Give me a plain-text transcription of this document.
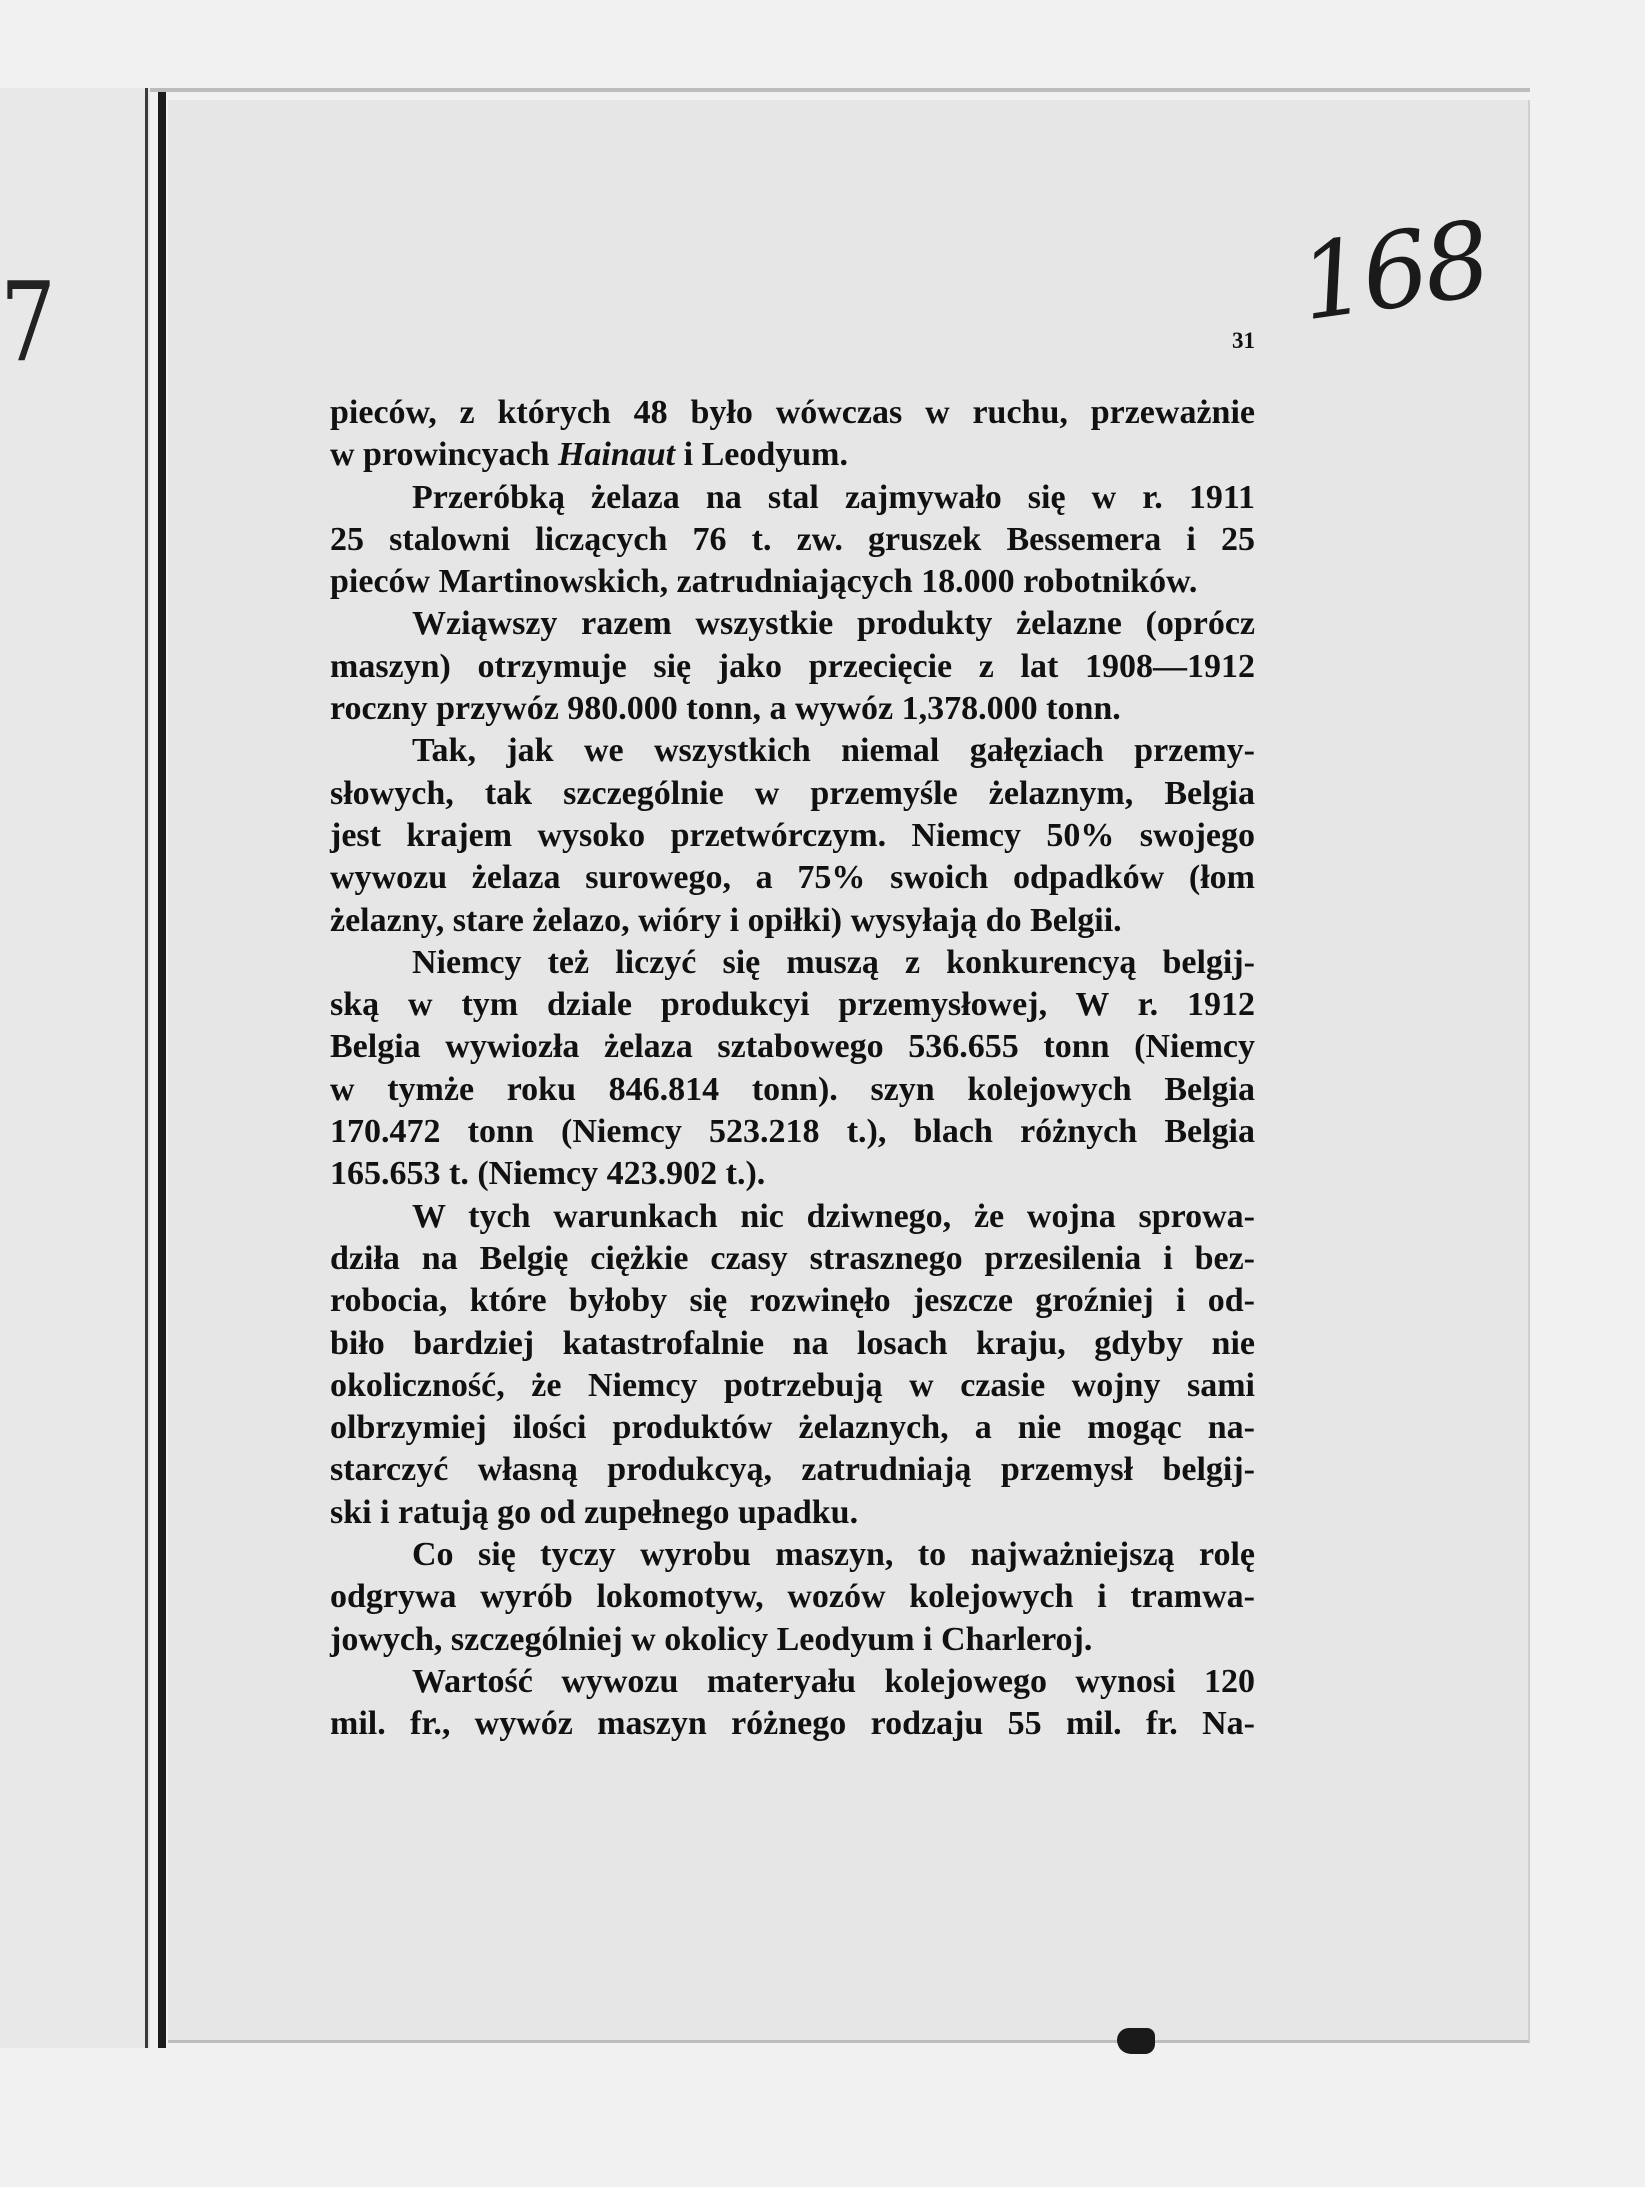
7	168
31
pieców, z których 48 było wówczas w ruchu, przeważnie
w prowincyach Hainaut i Leodyum.
Przeróbką żelaza na stal zajmywało się w r. 1911
25 stalowni liczących 76 t. zw. gruszek Bessemera i 25
pieców Martinowskich, zatrudniających 18.000 robotników.
Wziąwszy razem wszystkie produkty żelazne (oprócz
maszyn) otrzymuje się jako przecięcie z lat 1908—1912
roczny przywóz 980.000 tonn, a wywóz 1,378.000 tonn.
Tak, jak we wszystkich niemal gałęziach przemy-
słowych, tak szczególnie w przemyśle żelaznym, Belgia
jest krajem wysoko przetwórczym. Niemcy 50% swojego
wywozu żelaza surowego, a 75% swoich odpadków (łom
żelazny, stare żelazo, wióry i opiłki) wysyłają do Belgii.
Niemcy też liczyć się muszą z konkurencyą belgij-
ską w tym dziale produkcyi przemysłowej, W r. 1912
Belgia wywiozła żelaza sztabowego 536.655 tonn (Niemcy
w tymże roku 846.814 tonn). szyn kolejowych Belgia
170.472 tonn (Niemcy 523.218 t.), blach różnych Belgia
165.653 t. (Niemcy 423.902 t.).
W tych warunkach nic dziwnego, że wojna sprowa-
dziła na Belgię ciężkie czasy strasznego przesilenia i bez-
robocia, które byłoby się rozwinęło jeszcze groźniej i od-
biło bardziej katastrofalnie na losach kraju, gdyby nie
okoliczność, że Niemcy potrzebują w czasie wojny sami
olbrzymiej ilości produktów żelaznych, a nie mogąc na-
starczyć własną produkcyą, zatrudniają przemysł belgij-
ski i ratują go od zupełnego upadku.
Co się tyczy wyrobu maszyn, to najważniejszą rolę
odgrywa wyrób lokomotyw, wozów kolejowych i tramwa-
jowych, szczególniej w okolicy Leodyum i Charleroj.
Wartość wywozu materyału kolejowego wynosi 120
mil. fr., wywóz maszyn różnego rodzaju 55 mil. fr. Na-
